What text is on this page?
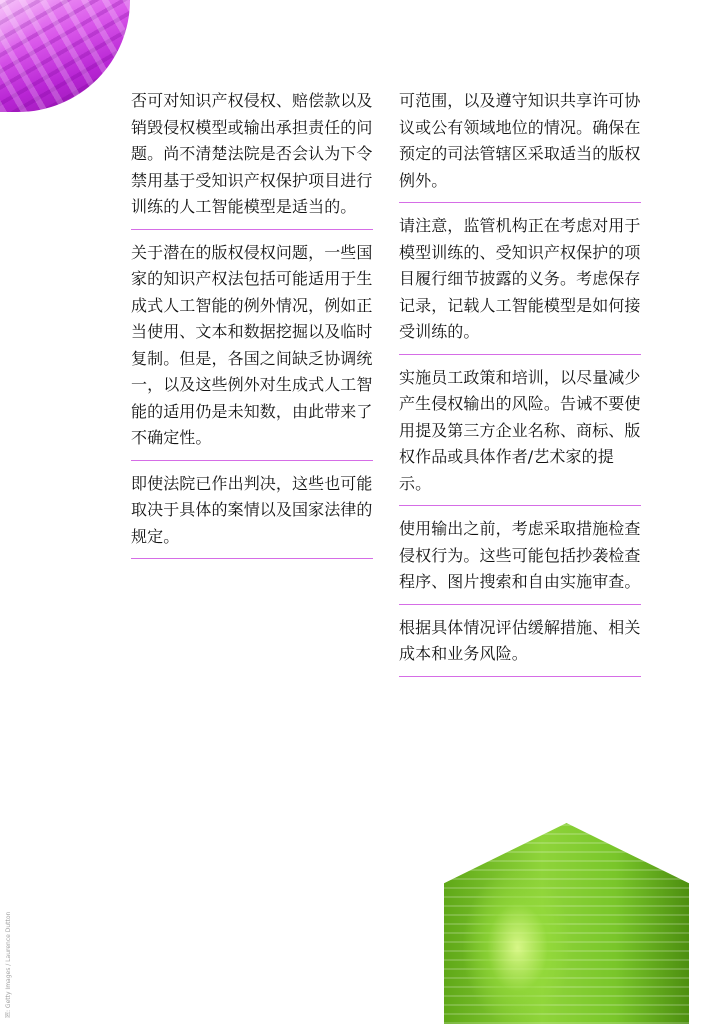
否可对知识产权侵权、赔偿款以及销毁侵权模型或输出承担责任的问题。尚不清楚法院是否会认为下令禁用基于受知识产权保护项目进行训练的人工智能模型是适当的。

关于潜在的版权侵权问题，一些国家的知识产权法包括可能适用于生成式人工智能的例外情况，例如正当使用、文本和数据挖掘以及临时复制。但是，各国之间缺乏协调统一，以及这些例外对生成式人工智能的适用仍是未知数，由此带来了不确定性。

即使法院已作出判决，这些也可能取决于具体的案情以及国家法律的规定。

可范围，以及遵守知识共享许可协议或公有领域地位的情况。确保在预定的司法管辖区采取适当的版权例外。

请注意，监管机构正在考虑对用于模型训练的、受知识产权保护的项目履行细节披露的义务。考虑保存记录，记载人工智能模型是如何接受训练的。

实施员工政策和培训，以尽量减少产生侵权输出的风险。告诫不要使用提及第三方企业名称、商标、版权作品或具体作者/艺术家的提示。

使用输出之前，考虑采取措施检查侵权行为。这些可能包括抄袭检查程序、图片搜索和自由实施审查。

根据具体情况评估缓解措施、相关成本和业务风险。

图: Getty Images / Laurence Dutton
